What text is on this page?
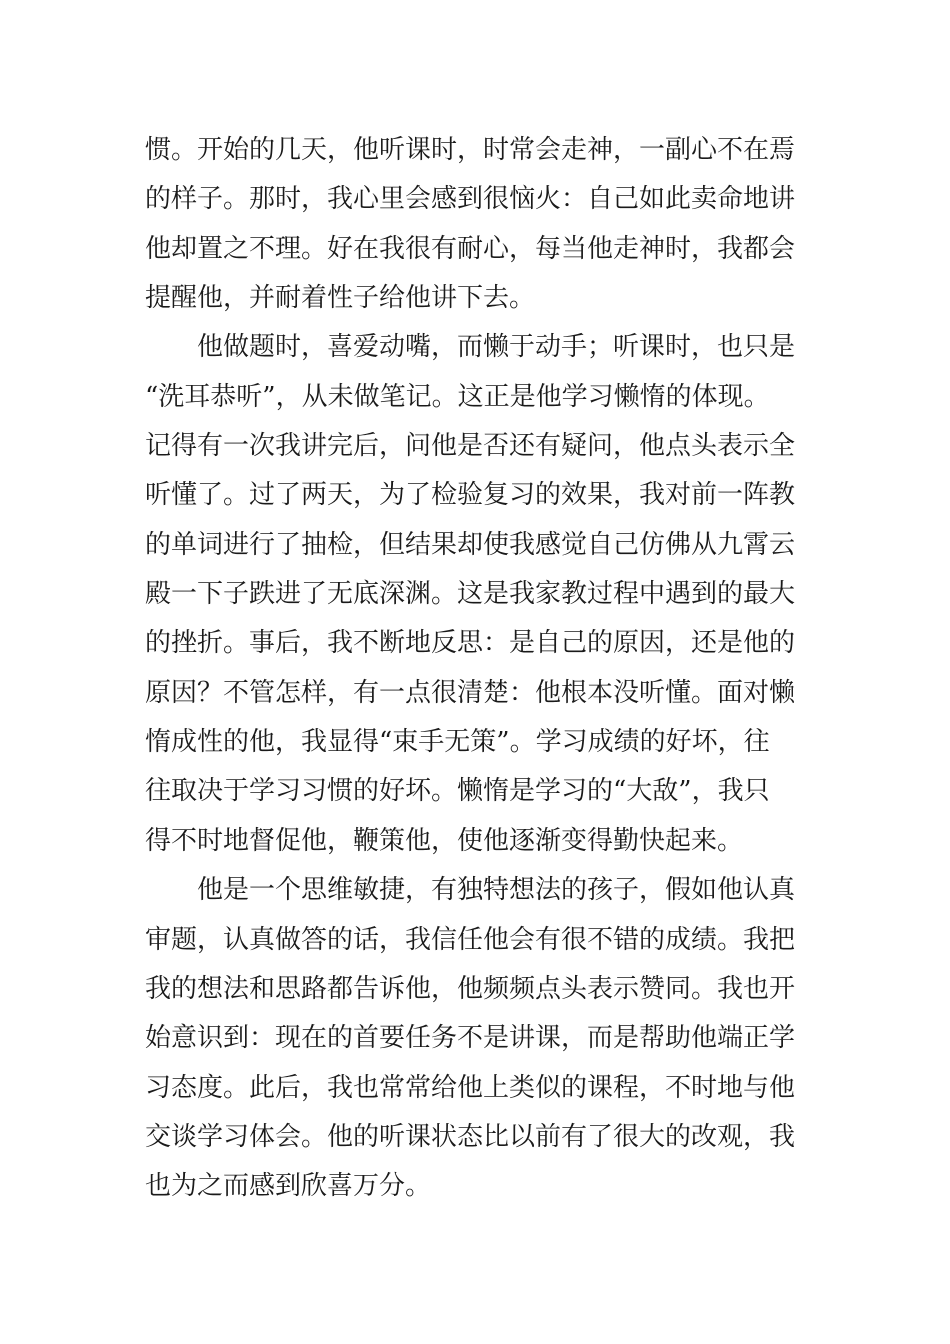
惯。开始的几天，他听课时，时常会走神，一副心不在焉
的样子。那时，我心里会感到很恼火：自己如此卖命地讲
他却置之不理。好在我很有耐心，每当他走神时，我都会
提醒他，并耐着性子给他讲下去。
　　他做题时，喜爱动嘴，而懒于动手；听课时，也只是
“洗耳恭听”，从未做笔记。这正是他学习懒惰的体现。
记得有一次我讲完后，问他是否还有疑问，他点头表示全
听懂了。过了两天，为了检验复习的效果，我对前一阵教
的单词进行了抽检，但结果却使我感觉自己仿佛从九霄云
殿一下子跌进了无底深渊。这是我家教过程中遇到的最大
的挫折。事后，我不断地反思：是自己的原因，还是他的
原因？不管怎样，有一点很清楚：他根本没听懂。面对懒
惰成性的他，我显得“束手无策”。学习成绩的好坏，往
往取决于学习习惯的好坏。懒惰是学习的“大敌”，我只
得不时地督促他，鞭策他，使他逐渐变得勤快起来。
　　他是一个思维敏捷，有独特想法的孩子，假如他认真
审题，认真做答的话，我信任他会有很不错的成绩。我把
我的想法和思路都告诉他，他频频点头表示赞同。我也开
始意识到：现在的首要任务不是讲课，而是帮助他端正学
习态度。此后，我也常常给他上类似的课程，不时地与他
交谈学习体会。他的听课状态比以前有了很大的改观，我
也为之而感到欣喜万分。
